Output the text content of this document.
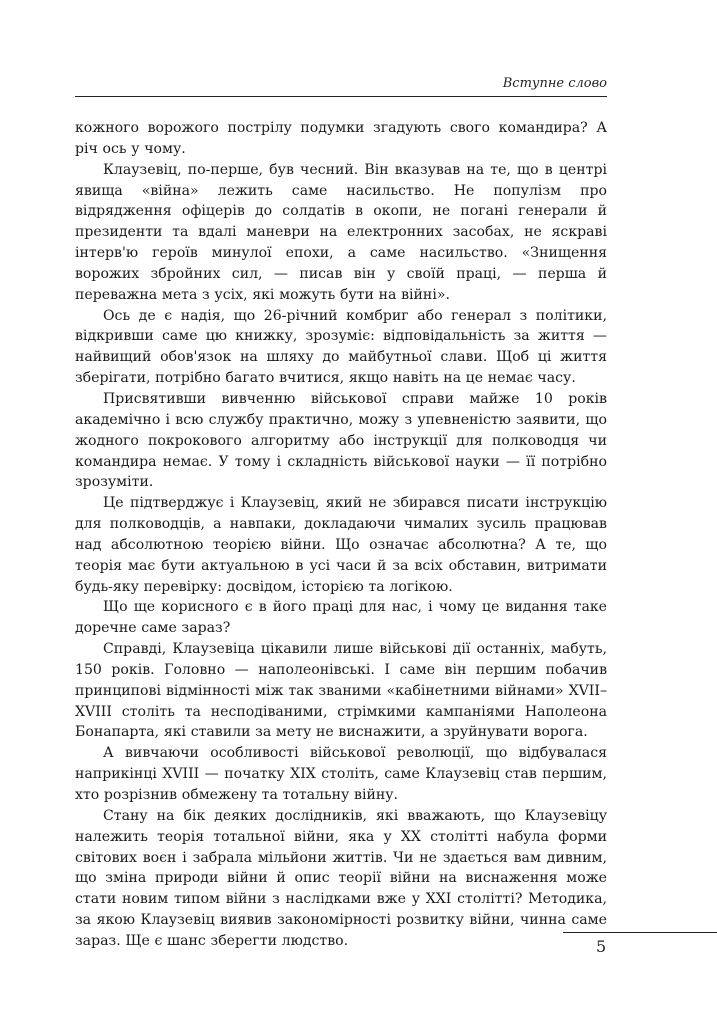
Вступне слово

кожного ворожого пострілу подумки згадують свого командира? А річ ось у чому.

Клаузевіц, по-перше, був чесний. Він вказував на те, що в центрі явища «війна» лежить саме насильство. Не популізм про відрядження офіцерів до солдатів в окопи, не погані генерали й президенти та вдалі маневри на електронних засобах, не яскраві інтерв'ю героїв минулої епохи, а саме насильство. «Знищення ворожих збройних сил, — писав він у своїй праці, — перша й переважна мета з усіх, які можуть бути на війні».

Ось де є надія, що 26-річний комбриг або генерал з політики, відкривши саме цю книжку, зрозуміє: відповідальність за життя — найвищий обов'язок на шляху до майбутньої слави. Щоб ці життя зберігати, потрібно багато вчитися, якщо навіть на це немає часу.

Присвятивши вивченню військової справи майже 10 років академічно і всю службу практично, можу з упевненістю заявити, що жодного покрокового алгоритму або інструкції для полководця чи командира немає. У тому і складність військової науки — її потрібно зрозуміти.

Це підтверджує і Клаузевіц, який не збирався писати інструкцію для полководців, а навпаки, докладаючи чималих зусиль працював над абсолютною теорією війни. Що означає абсолютна? А те, що теорія має бути актуальною в усі часи й за всіх обставин, витримати будь-яку перевірку: досвідом, історією та логікою.

Що ще корисного є в його праці для нас, і чому це видання таке доречне саме зараз?

Справді, Клаузевіца цікавили лише військові дії останніх, мабуть, 150 років. Головно — наполеонівські. І саме він першим побачив принципові відмінності між так званими «кабінетними війнами» XVII–XVIII століть та несподіваними, стрімкими кампаніями Наполеона Бонапарта, які ставили за мету не виснажити, а зруйнувати ворога.

А вивчаючи особливості військової революції, що відбувалася наприкінці XVIII — початку XIX століть, саме Клаузевіц став першим, хто розрізнив обмежену та тотальну війну.

Стану на бік деяких дослідників, які вважають, що Клаузевіцу належить теорія тотальної війни, яка у XX столітті набула форми світових воєн і забрала мільйони життів. Чи не здається вам дивним, що зміна природи війни й опис теорії війни на виснаження може стати новим типом війни з наслідками вже у XXI столітті? Методика, за якою Клаузевіц виявив закономірності розвитку війни, чинна саме зараз. Ще є шанс зберегти людство.	5
